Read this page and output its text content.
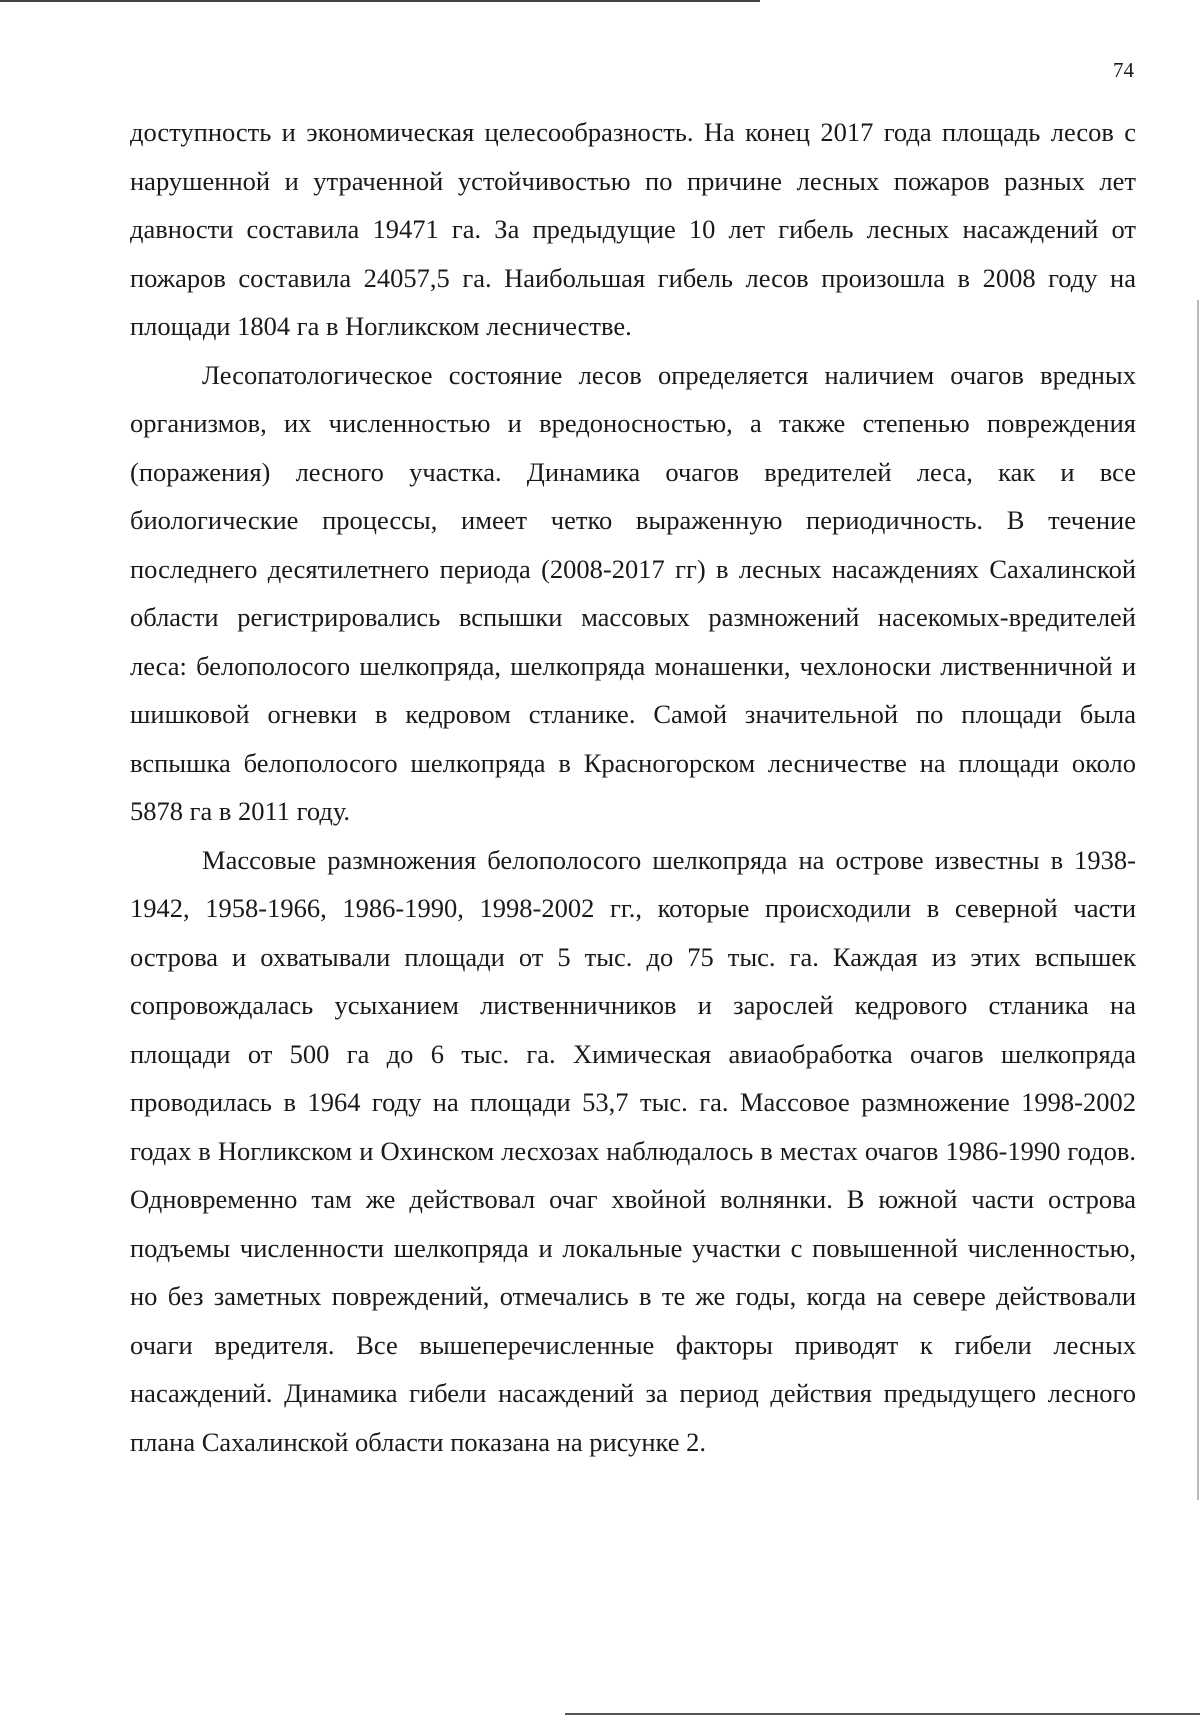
74

доступность и экономическая целесообразность. На конец 2017 года площадь лесов с нарушенной и утраченной устойчивостью по причине лесных пожаров разных лет давности составила 19471 га. За предыдущие 10 лет гибель лесных насаждений от пожаров составила 24057,5 га. Наибольшая гибель лесов произошла в 2008 году на площади 1804 га в Ногликском лесничестве.

Лесопатологическое состояние лесов определяется наличием очагов вредных организмов, их численностью и вредоносностью, а также степенью повреждения (поражения) лесного участка. Динамика очагов вредителей леса, как и все биологические процессы, имеет четко выраженную периодичность. В течение последнего десятилетнего периода (2008-2017 гг) в лесных насаждениях Сахалинской области регистрировались вспышки массовых размножений насекомых-вредителей леса: белополосого шелкопряда, шелкопряда монашенки, чехлоноски лиственничной и шишковой огневки в кедровом стланике. Самой значительной по площади была вспышка белополосого шелкопряда в Красногорском лесничестве на площади около 5878 га в 2011 году.

Массовые размножения белополосого шелкопряда на острове известны в 1938-1942, 1958-1966, 1986-1990, 1998-2002 гг., которые происходили в северной части острова и охватывали площади от 5 тыс. до 75 тыс. га. Каждая из этих вспышек сопровождалась усыханием лиственничников и зарослей кедрового стланика на площади от 500 га до 6 тыс. га. Химическая авиаобработка очагов шелкопряда проводилась в 1964 году на площади 53,7 тыс. га. Массовое размножение 1998-2002 годах в Ногликском и Охинском лесхозах наблюдалось в местах очагов 1986-1990 годов. Одновременно там же действовал очаг хвойной волнянки. В южной части острова подъемы численности шелкопряда и локальные участки с повышенной численностью, но без заметных повреждений, отмечались в те же годы, когда на севере действовали очаги вредителя. Все вышеперечисленные факторы приводят к гибели лесных насаждений. Динамика гибели насаждений за период действия предыдущего лесного плана Сахалинской области показана на рисунке 2.
